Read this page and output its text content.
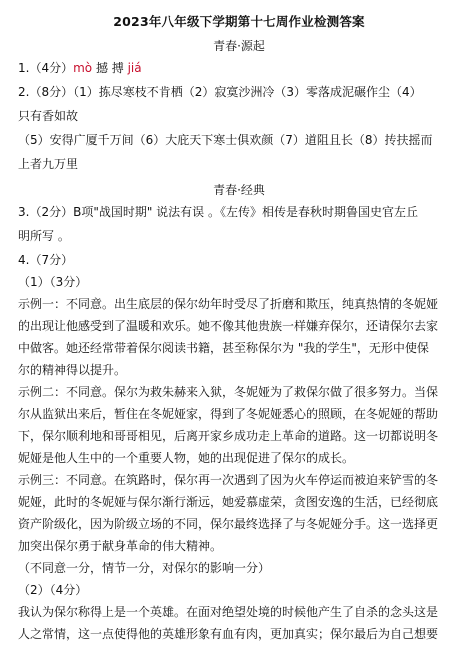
2023年八年级下学期第十七周作业检测答案
青春·源起

1.（4分）mò 撼 搏 jiá

2.（8分）（1）拣尽寒枝不肯栖（2）寂寞沙洲冷（3）零落成泥碾作尘（4）

只有香如故

（5）安得广厦千万间（6）大庇天下寒士俱欢颜（7）道阻且长（8）抟扶摇而

上者九万里

青春·经典

3.（2分）B项"战国时期" 说法有误 。《左传》相传是春秋时期鲁国史官左丘

明所写 。

4.（7分）

（1）（3分）

示例一：不同意。出生底层的保尔幼年时受尽了折磨和欺压，纯真热情的冬妮娅

的出现让他感受到了温暖和欢乐。她不像其他贵族一样嫌弃保尔，还请保尔去家

中做客。她还经常带着保尔阅读书籍，甚至称保尔为 "我的学生"，无形中使保

尔的精神得以提升。

示例二：不同意。保尔为救朱赫来入狱，冬妮娅为了救保尔做了很多努力。当保

尔从监狱出来后，暂住在冬妮娅家，得到了冬妮娅悉心的照顾，在冬妮娅的帮助

下，保尔顺利地和哥哥相见，后离开家乡成功走上革命的道路。这一切都说明冬

妮娅是他人生中的一个重要人物，她的出现促进了保尔的成长。

示例三：不同意。在筑路时，保尔再一次遇到了因为火车停运而被迫来铲雪的冬

妮娅，此时的冬妮娅与保尔渐行渐远，她爱慕虚荣，贪图安逸的生活，已经彻底

资产阶级化，因为阶级立场的不同，保尔最终选择了与冬妮娅分手。这一选择更

加突出保尔勇于献身革命的伟大精神。

（不同意一分，情节一分，对保尔的影响一分）

（2）（4分）

我认为保尔称得上是一个英雄。在面对绝望处境的时候他产生了自杀的念头这是

人之常情，这一点使得他的英雄形象有血有肉，更加真实；保尔最后为自己想要
